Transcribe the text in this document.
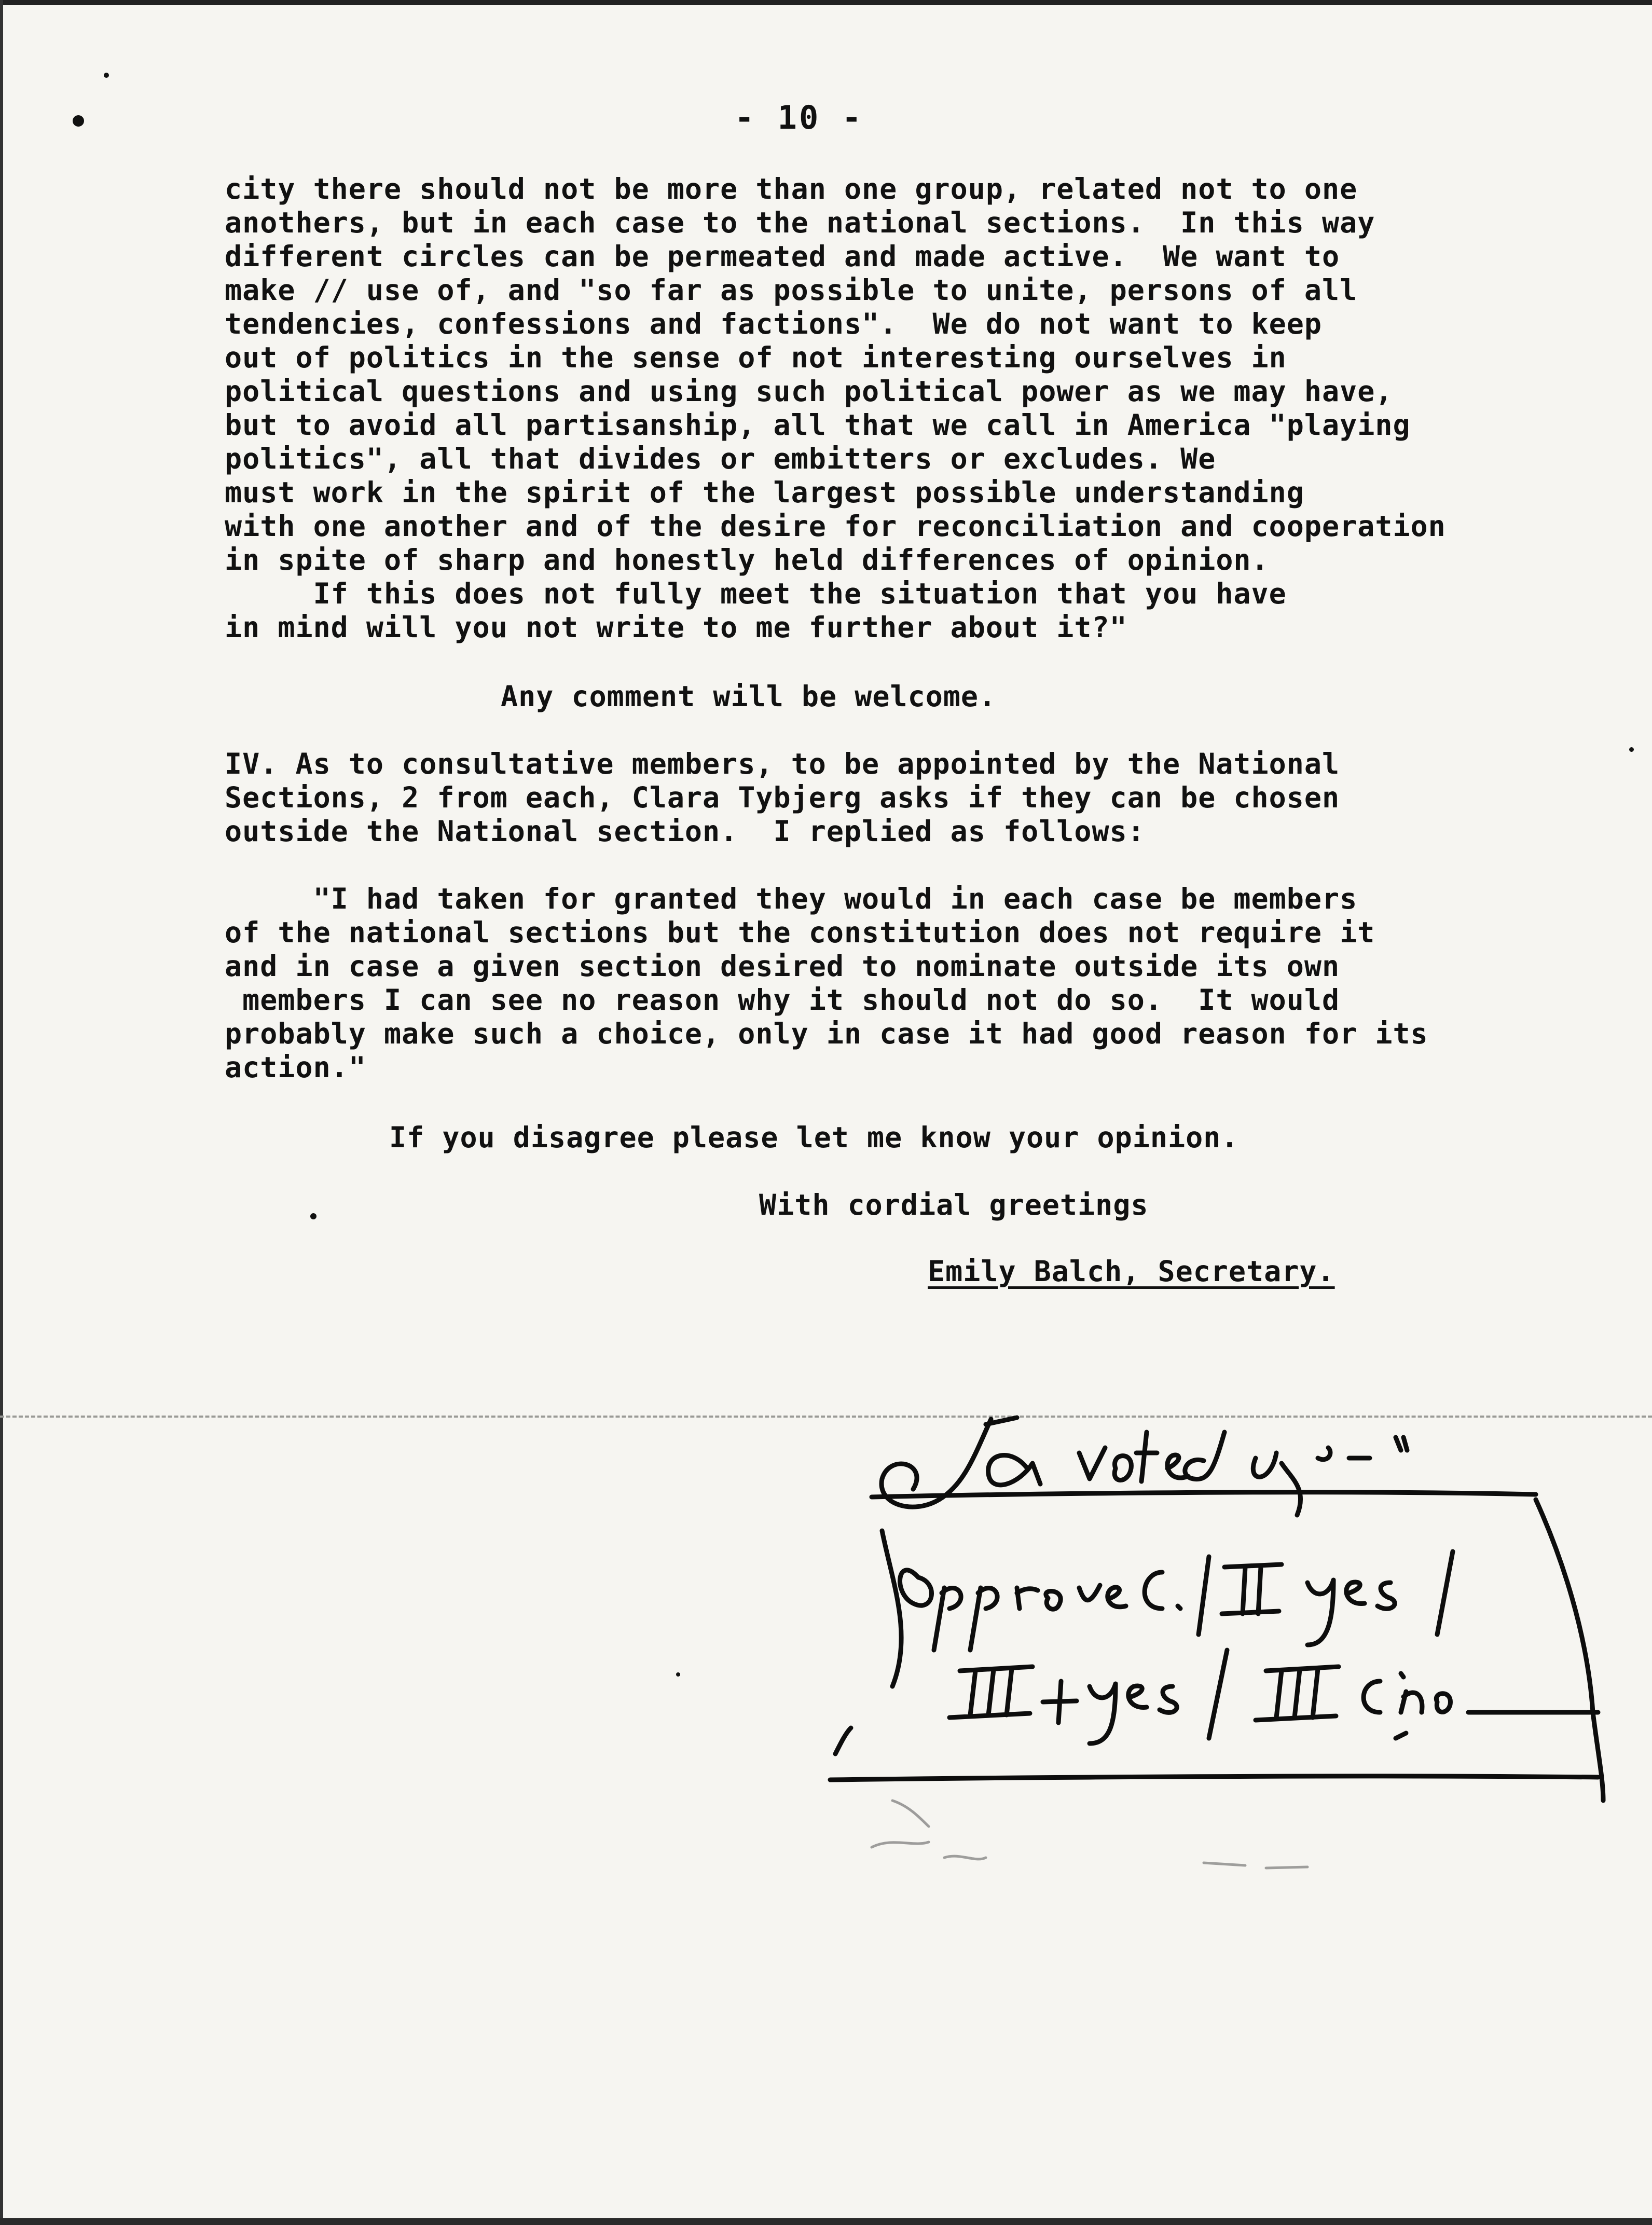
- 10 -
city there should not be more than one group, related not to one
anothers, but in each case to the national sections.  In this way
different circles can be permeated and made active.  We want to
make // use of, and "so far as possible to unite, persons of all
tendencies, confessions and factions".  We do not want to keep
out of politics in the sense of not interesting ourselves in
political questions and using such political power as we may have,
but to avoid all partisanship, all that we call in America "playing
politics", all that divides or embitters or excludes. We
must work in the spirit of the largest possible understanding
with one another and of the desire for reconciliation and cooperation
in spite of sharp and honestly held differences of opinion.
If this does not fully meet the situation that you have
in mind will you not write to me further about it?"
Any comment will be welcome.
IV. As to consultative members, to be appointed by the National
Sections, 2 from each, Clara Tybjerg asks if they can be chosen
outside the National section.  I replied as follows:
"I had taken for granted they would in each case be members
of the national sections but the constitution does not require it
and in case a given section desired to nominate outside its own
members I can see no reason why it should not do so.  It would
probably make such a choice, only in case it had good reason for its
action."
If you disagree please let me know your opinion.
With cordial greetings
Emily Balch, Secretary.
